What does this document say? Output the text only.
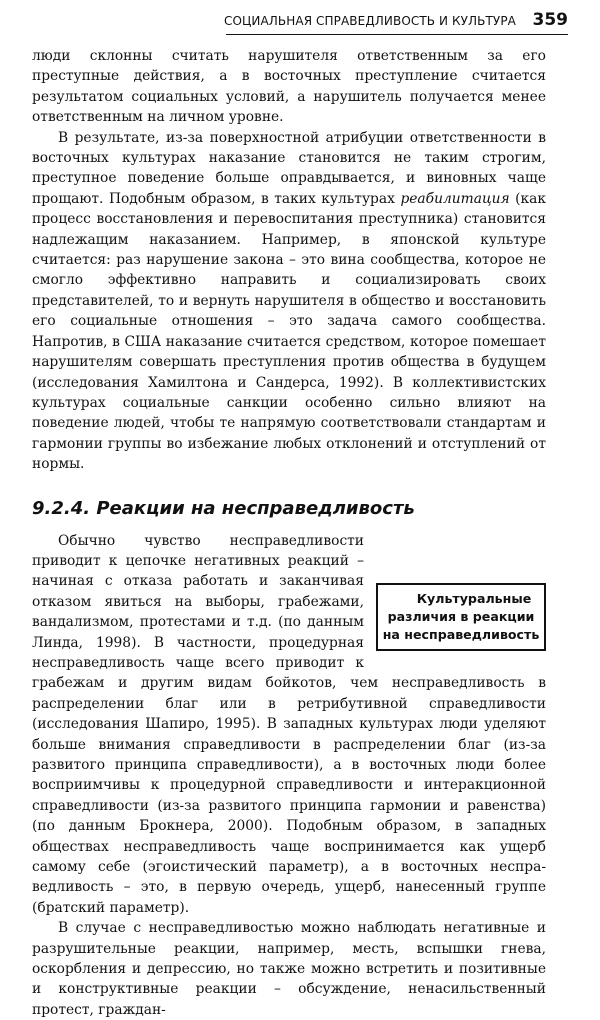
СОЦИАЛЬНАЯ СПРАВЕДЛИВОСТЬ И КУЛЬТУРА 359

люди склонны считать нарушителя ответственным за его преступные действия, а в восточных преступление считается результатом социальных условий, а нарушитель получается менее ответственным на личном уровне.

В результате, из-за поверхностной атрибуции ответственности в восточных культурах наказание становится не таким строгим, преступное поведение больше оправдывается, и виновных чаще прощают. Подобным образом, в таких культурах реабилитация (как процесс восстановления и перевоспитания преступника) становится надлежащим наказанием. Например, в японской культуре считается: раз нарушение закона – это вина сообщества, которое не смогло эффективно направить и социализировать своих представителей, то и вернуть нарушителя в общество и восстановить его социальные отношения – это задача самого сообщества. Напротив, в США наказание считается средством, которое помешает нарушителям совершать преступления против общества в будущем (исследования Хамилтона и Сандерса, 1992). В коллективистских культурах социальные санкции особенно сильно влияют на поведение людей, чтобы те напрямую соответствовали стандартам и гармонии группы во избежание любых отклонений и отступлений от нормы.

9.2.4. Реакции на несправедливость

Культуральные различия в реакции на несправедливость
Обычно чувство несправедливости приводит к цепочке негативных реакций – начиная с отказа работать и заканчивая отказом явиться на выборы, грабежами, вандализмом, протестами и т.д. (по данным Линда, 1998). В частности, процедурная несправедливость чаще всего приводит к грабежам и другим видам бойкотов, чем несправедливость в распределении благ или в ретрибутивной справедливости (исследования Шапиро, 1995). В западных культурах люди уделяют больше внимания справедливости в распределении благ (из-за развитого принципа справедливости), а в восточных люди более восприимчивы к процедурной справедливости и интеракционной справедливости (из-за развитого принципа гармонии и равенства) (по данным Брокнера, 2000). Подобным образом, в западных обществах несправедливость чаще воспринимается как ущерб самому себе (эгоистический параметр), а в восточных несправедливость – это, в первую очередь, ущерб, нанесенный группе (братский параметр).

В случае с несправедливостью можно наблюдать негативные и разрушительные реакции, например, месть, вспышки гнева, оскорбления и депрессию, но также можно встретить и позитивные и конструктивные реакции – обсуждение, ненасильственный протест, граждан-
